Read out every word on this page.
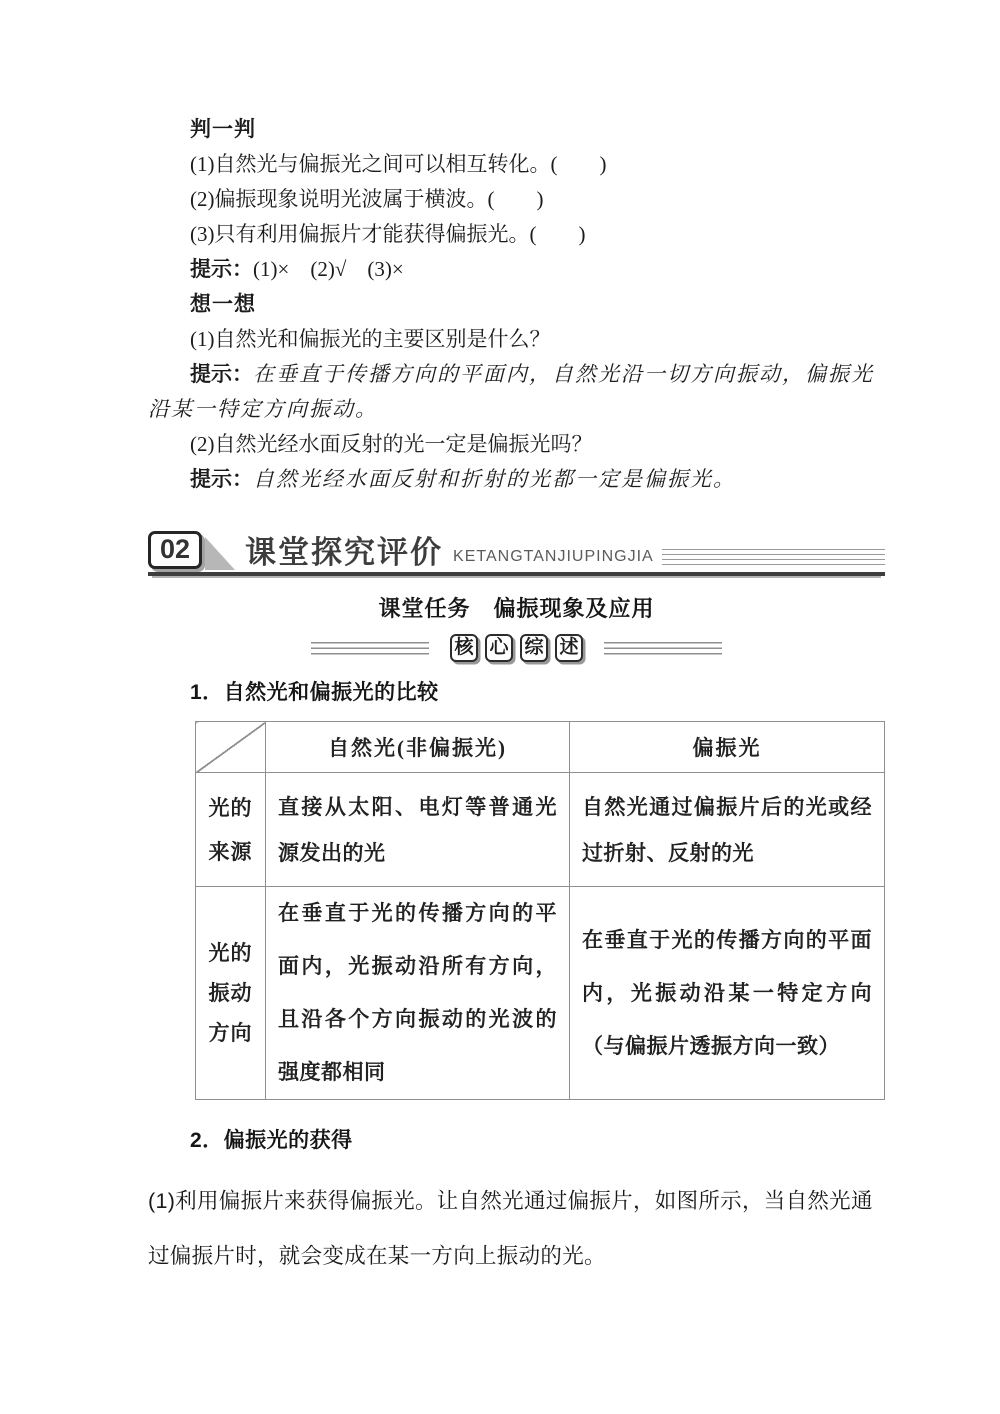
判一判

(1)自然光与偏振光之间可以相互转化。(　　)

(2)偏振现象说明光波属于横波。(　　)

(3)只有利用偏振片才能获得偏振光。(　　)

提示：(1)×　(2)√　(3)×

想一想

(1)自然光和偏振光的主要区别是什么？

提示：在垂直于传播方向的平面内，自然光沿一切方向振动，偏振光沿某一特定方向振动。

(2)自然光经水面反射的光一定是偏振光吗？

提示：自然光经水面反射和折射的光都一定是偏振光。

02	课堂探究评价 KETANGTANJIUPINGJIA

课堂任务　偏振现象及应用

核 心 综 述

1．自然光和偏振光的比较

	自然光(非偏振光)	偏振光
光的来源	直接从太阳、电灯等普通光源发出的光	自然光通过偏振片后的光或经过折射、反射的光
光的振动方向	在垂直于光的传播方向的平面内，光振动沿所有方向，且沿各个方向振动的光波的强度都相同	在垂直于光的传播方向的平面内，光振动沿某一特定方向（与偏振片透振方向一致）

2．偏振光的获得

(1)利用偏振片来获得偏振光。让自然光通过偏振片，如图所示，当自然光通过偏振片时，就会变成在某一方向上振动的光。
